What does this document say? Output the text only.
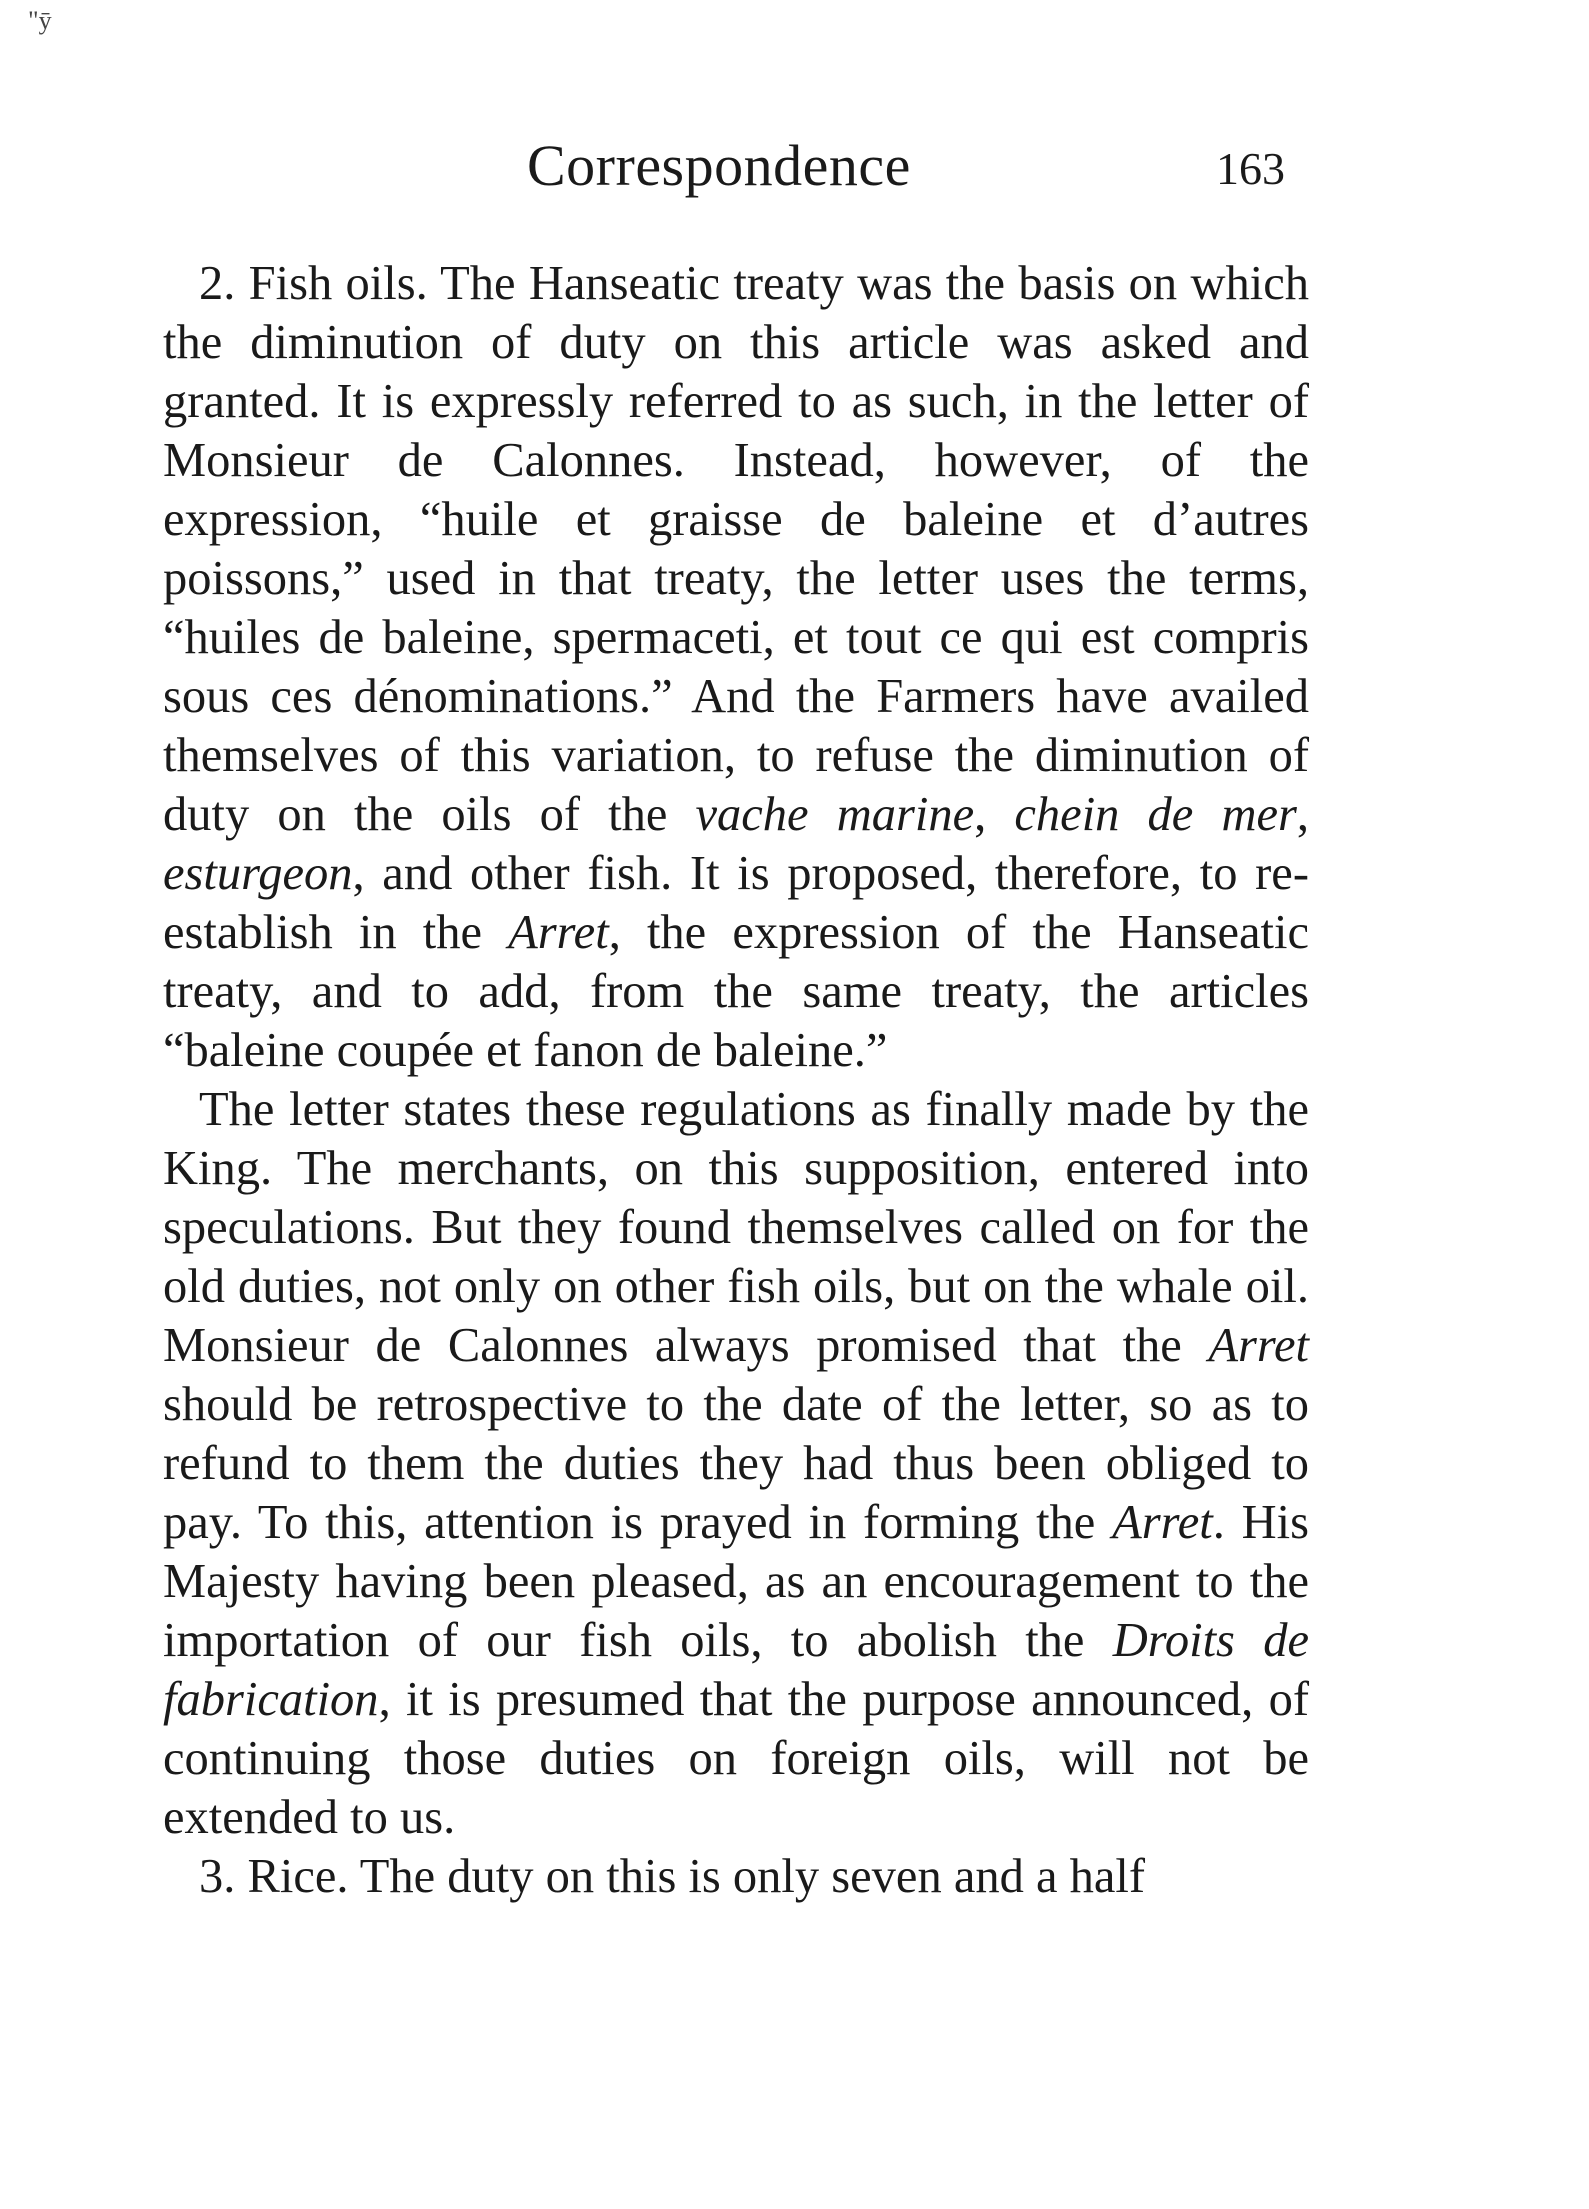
"ȳ
Correspondence	163

2. Fish oils. The Hanseatic treaty was the basis on which the diminution of duty on this article was asked and granted. It is expressly referred to as such, in the letter of Monsieur de Calonnes. Instead, however, of the expression, “huile et graisse de baleine et d’autres poissons,” used in that treaty, the letter uses the terms, “huiles de baleine, spermaceti, et tout ce qui est compris sous ces dénominations.” And the Farmers have availed themselves of this variation, to refuse the diminution of duty on the oils of the vache marine, chein de mer, esturgeon, and other fish. It is proposed, therefore, to re-establish in the Arret, the expression of the Hanseatic treaty, and to add, from the same treaty, the articles “baleine coupée et fanon de baleine.”

The letter states these regulations as finally made by the King. The merchants, on this supposition, entered into speculations. But they found themselves called on for the old duties, not only on other fish oils, but on the whale oil. Monsieur de Calonnes always promised that the Arret should be retrospective to the date of the letter, so as to refund to them the duties they had thus been obliged to pay. To this, attention is prayed in forming the Arret. His Majesty having been pleased, as an encouragement to the importation of our fish oils, to abolish the Droits de fabrication, it is presumed that the purpose announced, of continuing those duties on foreign oils, will not be extended to us.

3. Rice. The duty on this is only seven and a half
